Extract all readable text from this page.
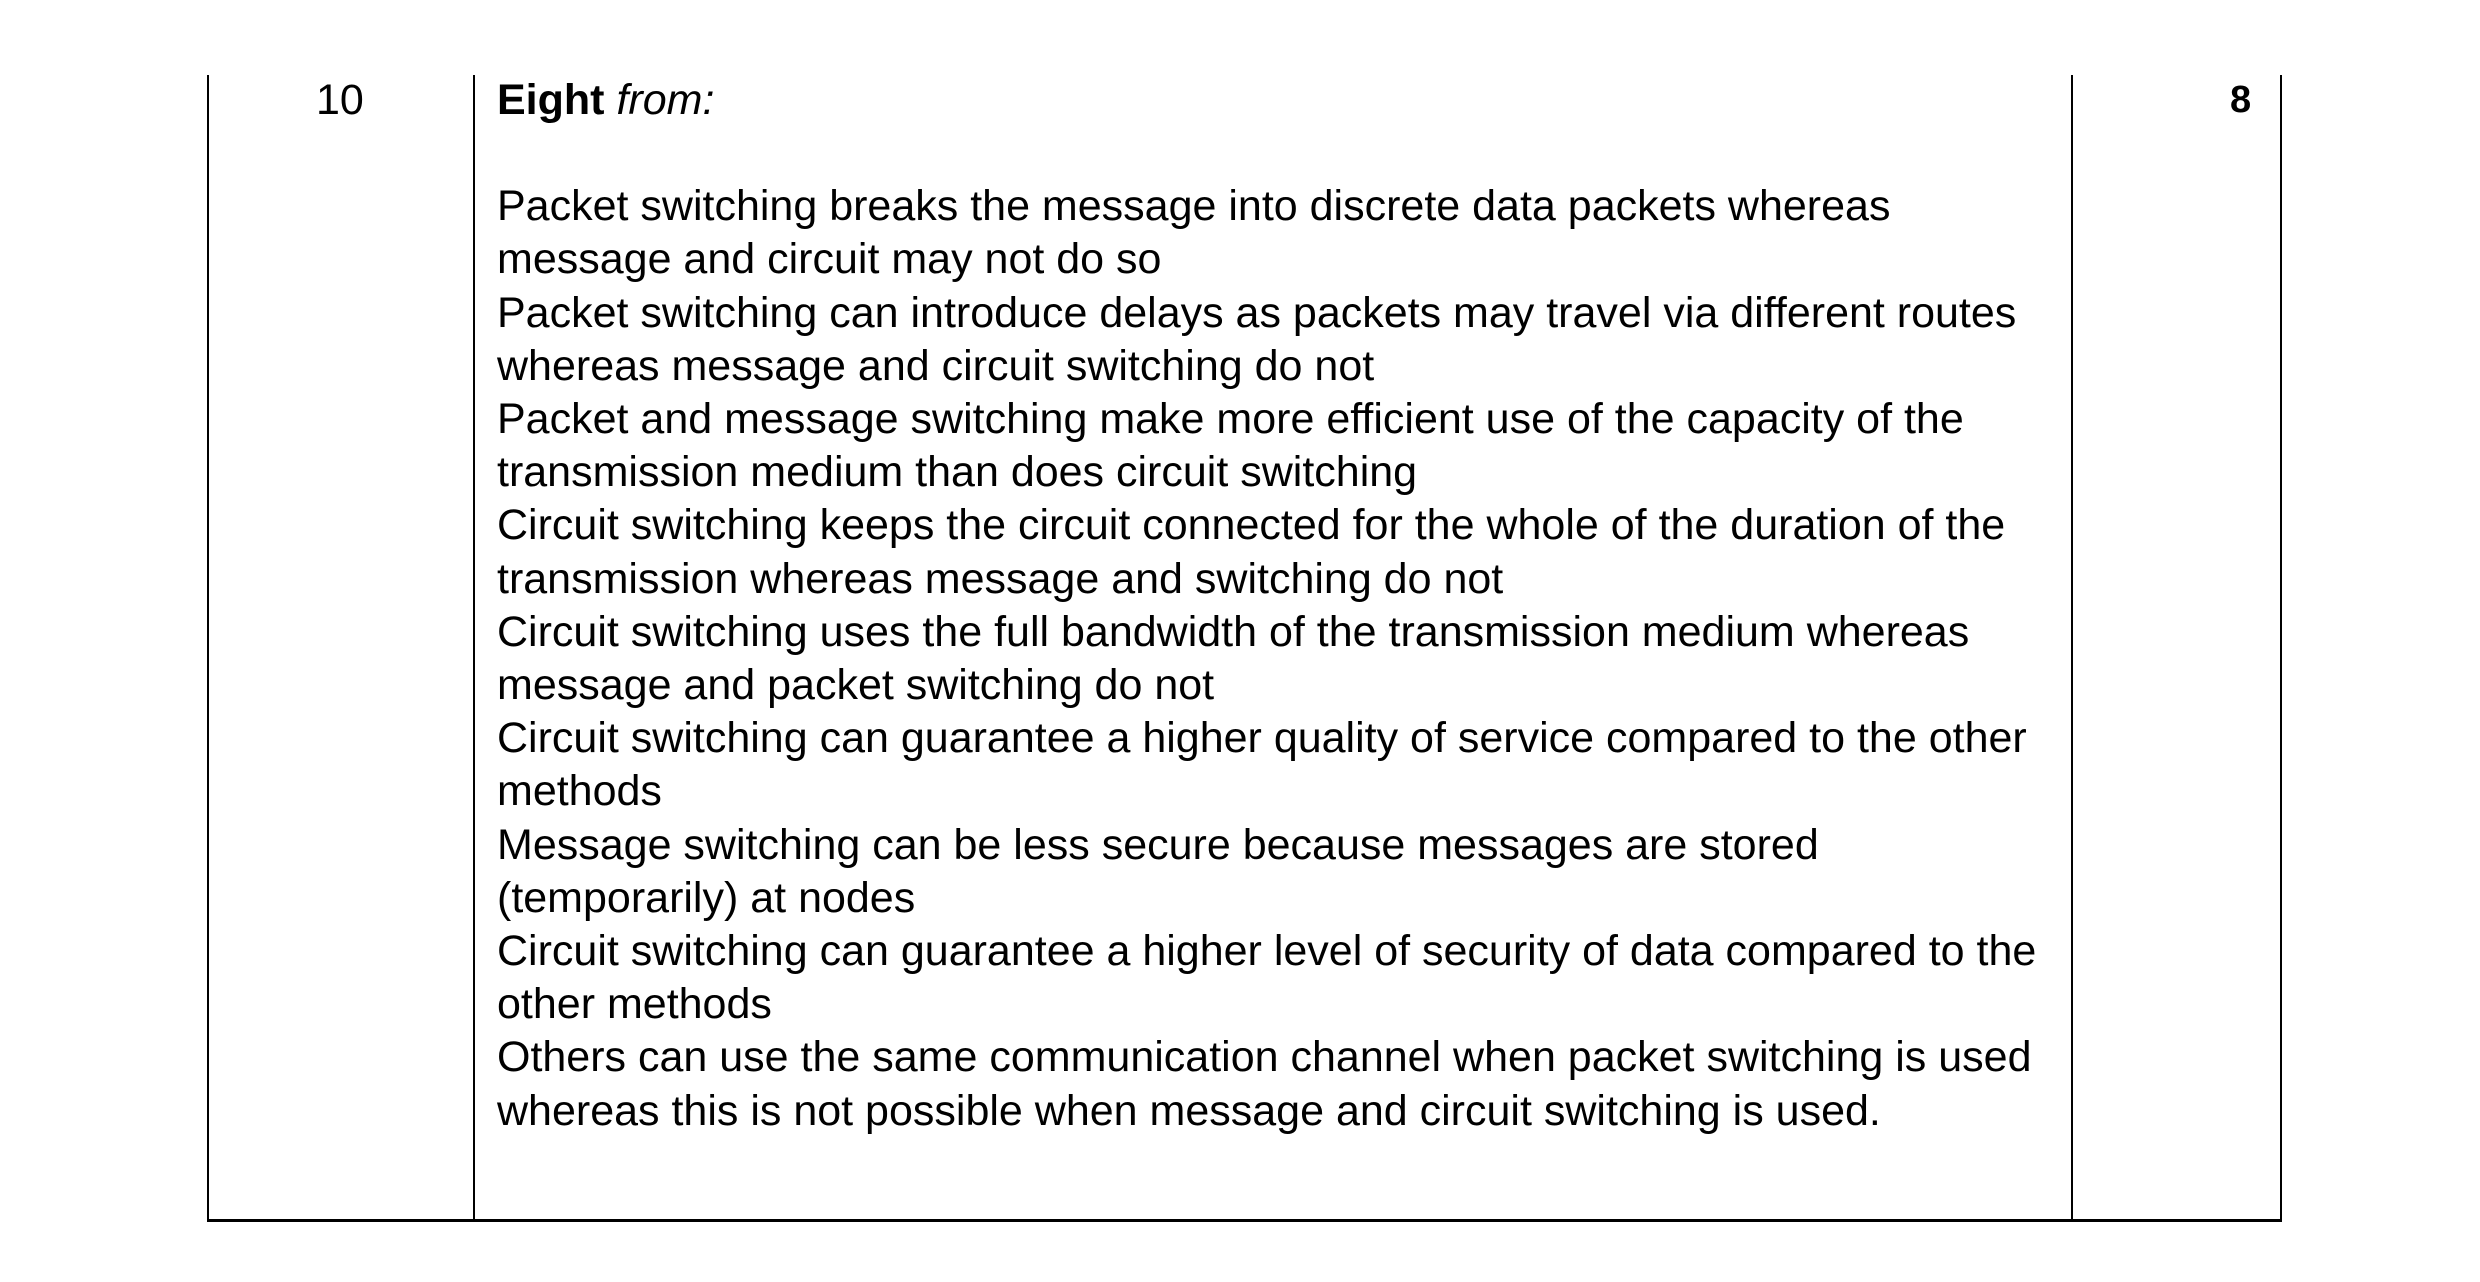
10	Eight from:

Packet switching breaks the message into discrete data packets whereas message and circuit may not do so

Packet switching can introduce delays as packets may travel via different routes whereas message and circuit switching do not

Packet and message switching make more efficient use of the capacity of the transmission medium than does circuit switching

Circuit switching keeps the circuit connected for the whole of the duration of the transmission whereas message and switching do not

Circuit switching uses the full bandwidth of the transmission medium whereas message and packet switching do not

Circuit switching can guarantee a higher quality of service compared to the other methods

Message switching can be less secure because messages are stored (temporarily) at nodes

Circuit switching can guarantee a higher level of security of data compared to the other methods

Others can use the same communication channel when packet switching is used whereas this is not possible when message and circuit switching is used.

8
